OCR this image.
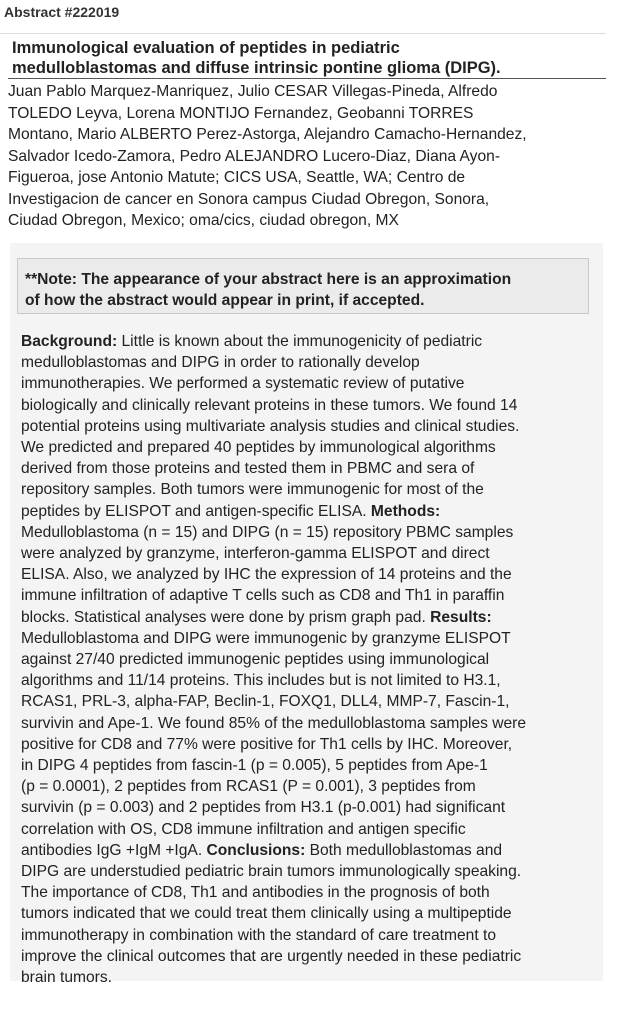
Abstract #222019
Immunological evaluation of peptides in pediatric
medulloblastomas and diffuse intrinsic pontine glioma (DIPG).
Juan Pablo Marquez-Manriquez, Julio CESAR Villegas-Pineda, Alfredo
TOLEDO Leyva, Lorena MONTIJO Fernandez, Geobanni TORRES
Montano, Mario ALBERTO Perez-Astorga, Alejandro Camacho-Hernandez,
Salvador Icedo-Zamora, Pedro ALEJANDRO Lucero-Diaz, Diana Ayon-
Figueroa, jose Antonio Matute; CICS USA, Seattle, WA; Centro de
Investigacion de cancer en Sonora campus Ciudad Obregon, Sonora,
Ciudad Obregon, Mexico; oma/cics, ciudad obregon, MX
**Note: The appearance of your abstract here is an approximation
of how the abstract would appear in print, if accepted.
Background: Little is known about the immunogenicity of pediatric
medulloblastomas and DIPG in order to rationally develop
immunotherapies. We performed a systematic review of putative
biologically and clinically relevant proteins in these tumors. We found 14
potential proteins using multivariate analysis studies and clinical studies.
We predicted and prepared 40 peptides by immunological algorithms
derived from those proteins and tested them in PBMC and sera of
repository samples. Both tumors were immunogenic for most of the
peptides by ELISPOT and antigen-specific ELISA. Methods:
Medulloblastoma (n = 15) and DIPG (n = 15) repository PBMC samples
were analyzed by granzyme, interferon-gamma ELISPOT and direct
ELISA. Also, we analyzed by IHC the expression of 14 proteins and the
immune infiltration of adaptive T cells such as CD8 and Th1 in paraffin
blocks. Statistical analyses were done by prism graph pad. Results:
Medulloblastoma and DIPG were immunogenic by granzyme ELISPOT
against 27/40 predicted immunogenic peptides using immunological
algorithms and 11/14 proteins. This includes but is not limited to H3.1,
RCAS1, PRL-3, alpha-FAP, Beclin-1, FOXQ1, DLL4, MMP-7, Fascin-1,
survivin and Ape-1. We found 85% of the medulloblastoma samples were
positive for CD8 and 77% were positive for Th1 cells by IHC. Moreover,
in DIPG 4 peptides from fascin-1 (p = 0.005), 5 peptides from Ape-1
(p = 0.0001), 2 peptides from RCAS1 (P = 0.001), 3 peptides from
survivin (p = 0.003) and 2 peptides from H3.1 (p-0.001) had significant
correlation with OS, CD8 immune infiltration and antigen specific
antibodies IgG +IgM +IgA. Conclusions: Both medulloblastomas and
DIPG are understudied pediatric brain tumors immunologically speaking.
The importance of CD8, Th1 and antibodies in the prognosis of both
tumors indicated that we could treat them clinically using a multipeptide
immunotherapy in combination with the standard of care treatment to
improve the clinical outcomes that are urgently needed in these pediatric
brain tumors.
